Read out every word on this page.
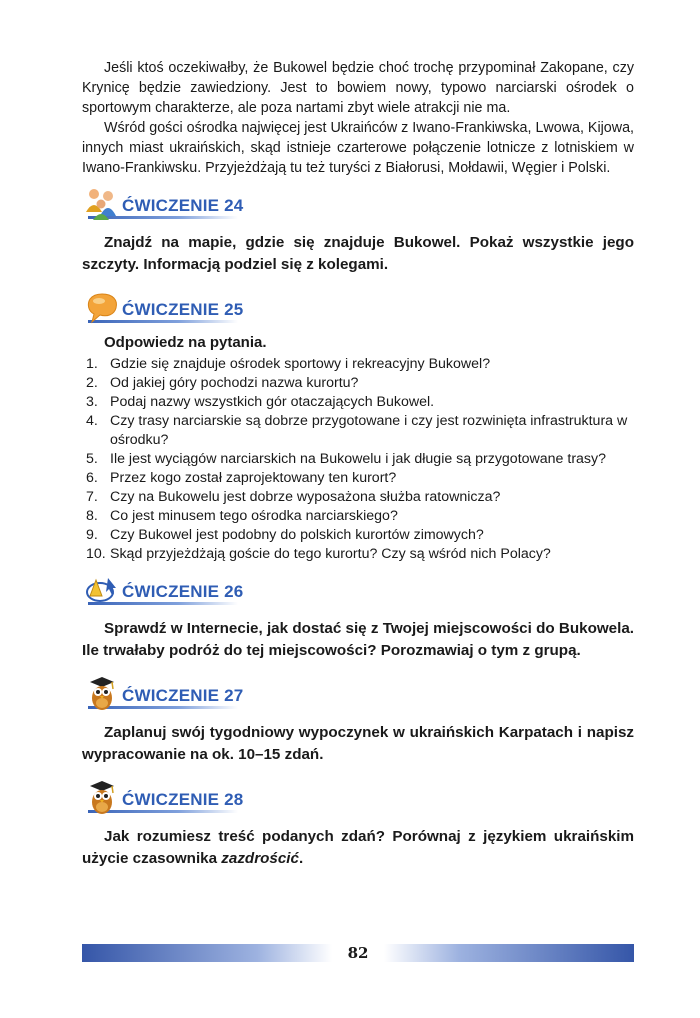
Jeśli ktoś oczekiwałby, że Bukowel będzie choć trochę przypominał Zakopane, czy Krynicę będzie zawiedziony. Jest to bowiem nowy, typowo narciarski ośrodek o sportowym charakterze, ale poza nartami zbyt wiele atrakcji nie ma.

Wśród gości ośrodka najwięcej jest Ukraińców z Iwano-Frankiwska, Lwowa, Kijowa, innych miast ukraińskich, skąd istnieje czarterowe połączenie lotnicze z lotniskiem w Iwano-Frankiwsku. Przyjeżdżają tu też turyści z Białorusi, Mołdawii, Węgier i Polski.

ĆWICZENIE 24

Znajdź na mapie, gdzie się znajduje Bukowel. Pokaż wszystkie jego szczyty. Informacją podziel się z kolegami.

ĆWICZENIE 25
Odpowiedz na pytania.
1. Gdzie się znajduje ośrodek sportowy i rekreacyjny Bukowel?
2. Od jakiej góry pochodzi nazwa kurortu?
3. Podaj nazwy wszystkich gór otaczających Bukowel.
4. Czy trasy narciarskie są dobrze przygotowane i czy jest rozwinięta infrastruktura w ośrodku?
5. Ile jest wyciągów narciarskich na Bukowelu i jak długie są przygotowane trasy?
6. Przez kogo został zaprojektowany ten kurort?
7. Czy na Bukowelu jest dobrze wyposażona służba ratownicza?
8. Co jest minusem tego ośrodka narciarskiego?
9. Czy Bukowel jest podobny do polskich kurortów zimowych?
10. Skąd przyjeżdżają goście do tego kurortu? Czy są wśród nich Polacy?
ĆWICZENIE 26

Sprawdź w Internecie, jak dostać się z Twojej miejscowości do Bukowela. Ile trwałaby podróż do tej miejscowości? Porozmawiaj o tym z grupą.

ĆWICZENIE 27

Zaplanuj swój tygodniowy wypoczynek w ukraińskich Karpatach i napisz wypracowanie na ok. 10–15 zdań.

ĆWICZENIE 28

Jak rozumiesz treść podanych zdań? Porównaj z językiem ukraińskim użycie czasownika zazdrościć.

82
